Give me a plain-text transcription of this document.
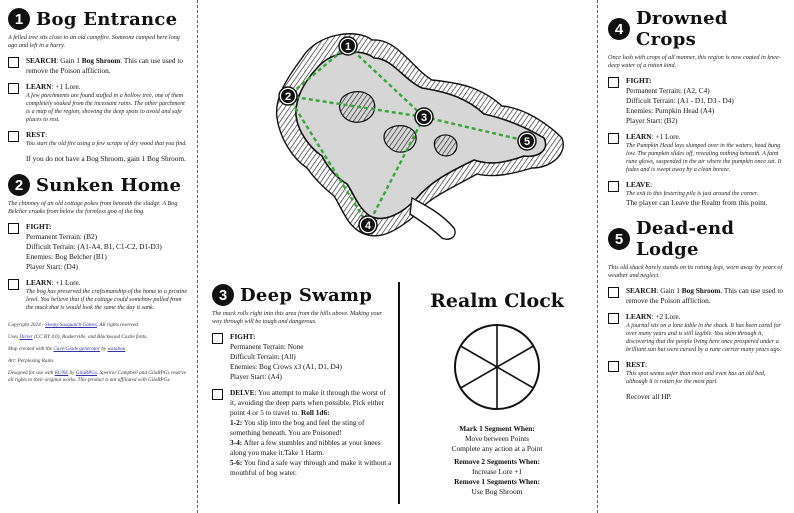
1 Bog Entrance
A felled tree sits close to an old campfire. Someone camped here long ago and left in a hurry.
SEARCH: Gain 1 Bog Shroom. This can use used to remove the Poison affliction.
LEARN: +1 Lore.
A few parchments are found stuffed in a hollow tree, one of them completely soaked from the incessant rains. The other parchment is a map of the region, showing the deep spots to avoid and safe places to rest.
REST:
You start the old fire using a few scraps of dry wood that you find.
If you do not have a Bog Shroom, gain 1 Bog Shroom.
2 Sunken Home
The chimney of an old cottage pokes from beneath the sludge. A Bog Belcher croaks from below the formless goo of the bog.
FIGHT:
Permanent Terrain: (B2)
Difficult Terrain: (A1-A4, B1, C1-C2, D1-D3)
Enemies: Bog Belcher (B1)
Player Start: (D4)
LEARN: +1 Lore.
The bog has preserved the craftsmanship of the home to a pristine level. You believe that if the cottage could somehow pulled from the muck that is would look the same the day it sank.
Copyright 2024 - Sleepy Sasquatch Games. All rights reserved.
Uses Dicier (CC BY 4.0), Baskerville, and Blackwood Castle fonts.
Map created with the Cave/Glade generator by watabou
Art: Perplexing Ruins
Designed for use with RUNE by GilaRPGs. Spencer Campbell and GilaRPGs reserve all rights to their original works. This product is not affiliated with GilaRPGs.
1
2
3
4
5
3 Deep Swamp
The muck rolls right into this area from the hills above. Making your way through will be tough and dangerous.
FIGHT:
Permanent Terrain: None
Difficult Terrain: (All)
Enemies: Bog Crows x3 (A1, D1, D4)
Player Start: (A4)
DELVE: You attempt to make it through the worst of it, avoiding the deep parts when possible. Pick either point 4 or 5 to travel to. Roll 1d6:
1-2: You slip into the bog and feel the sting of something beneath. You are Poisoned!
3-4: After a few stumbles and nibbles at your knees along you make it.Take 1 Harm.
5-6: You find a safe way through and make it without a mouthful of bog water.
Realm Clock
Mark 1 Segment When:
Move between Points
Complete any action at a Point
Remove 2 Segments When:
Increase Lore +1
Remove 1 Segments When:
Use Bog Shroom
4 Drowned Crops
Once lush with crops of all manner, this region is now coated in knee-deep water of a rotten kind.
FIGHT:
Permanent Terrain: (A2, C4)
Difficult Terrain: (A1 - D1, D3 - D4)
Enemies: Pumpkin Head (A4)
Player Start: (B2)
LEARN: +1 Lore.
The Pumpkin Head lays slumped over in the waters, head hung low. The pumpkin slides off, revealing nothing beneath. A faint rune glows, suspended in the air where the pumpkin once sat. It fades and is swept away by a clean breeze.
LEAVE:
The exit to this festering pile is just around the corner.
The player can Leave the Realm from this point.
5 Dead-end Lodge
This old shack barely stands on its rotting legs, worn away by years of weather and neglect.
SEARCH: Gain 1 Bog Shroom. This can use used to remove the Poison affliction.
LEARN: +2 Lore.
A journal sits on a lone table in the shack. It has been cared for over many years and is still legible. You skim through it, discovering that the people living here once prospered under a brilliant sun but were cursed by a rune carrier many years ago.
REST:
This spot seems safer than most and even has an old bed, although it is rotten for the most part.
Recover all HP.
